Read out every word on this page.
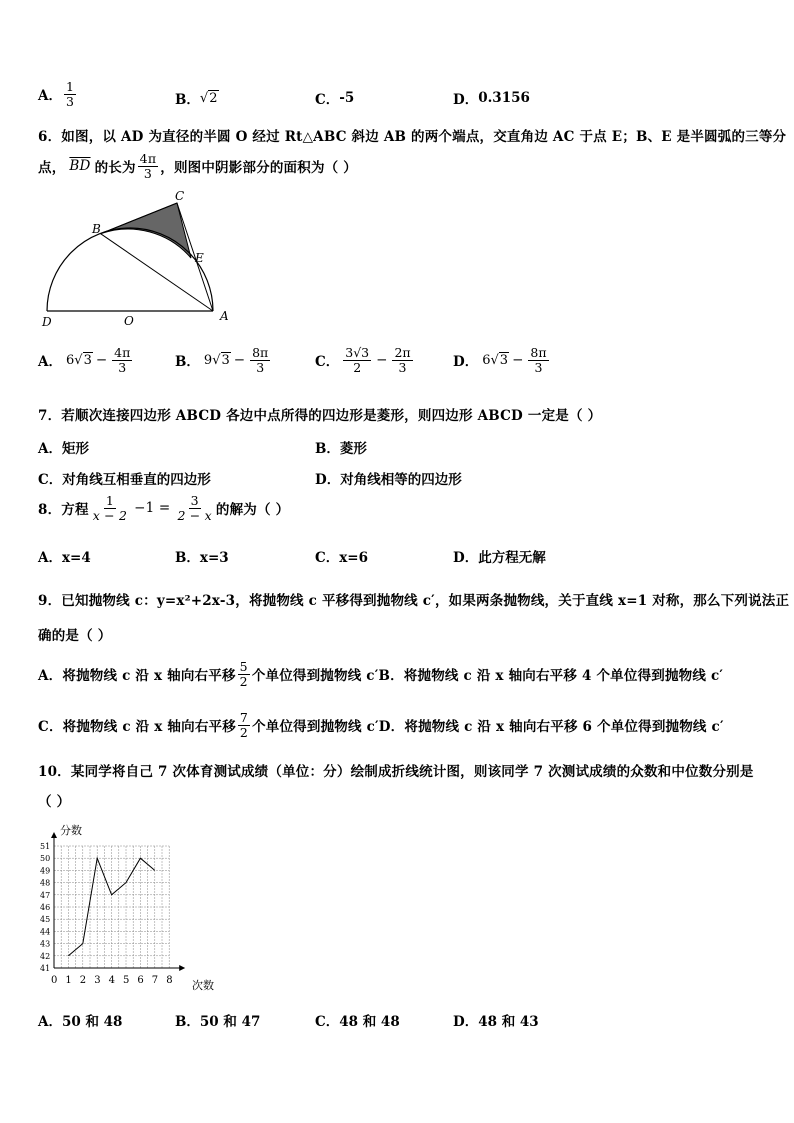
A． $\frac{1}{3}$	B． √2	C． -5	D． 0.3156
6．如图，以 AD 为直径的半圆 O 经过 Rt△ABC 斜边 AB 的两个端点，交直角边 AC 于点 E；B、E 是半圆弧的三等分
点， $\overline{BD}$ 的长为 $\frac{4\pi}{3}$ ，则图中阴影部分的面积为（ ）
B
C
E
D	O	A
A． $6√3 - \frac{4\pi}{3}$	B． $9√3 - \frac{8\pi}{3}$	C． $\frac{3√3}{2} - \frac{2\pi}{3}$	D． $6√3 - \frac{8\pi}{3}$
7．若顺次连接四边形 ABCD 各边中点所得的四边形是菱形，则四边形 ABCD 一定是（ ）
A．矩形	B．菱形
C．对角线互相垂直的四边形	D．对角线相等的四边形
8．方程 $\frac{1}{x - 2} -1 = \frac{3}{2 - x}$ 的解为（ ）
A．x=4	B．x=3	C．x=6	D．此方程无解
9．已知抛物线 c：y=x²+2x-3，将抛物线 c 平移得到抛物线 c′，如果两条抛物线，关于直线 x=1 对称，那么下列说法正
确的是（ ）
A．将抛物线 c 沿 x 轴向右平移 $\frac{5}{2}$ 个单位得到抛物线 c′ B．将抛物线 c 沿 x 轴向右平移 4 个单位得到抛物线 c′
C．将抛物线 c 沿 x 轴向右平移 $\frac{7}{2}$ 个单位得到抛物线 c′ D．将抛物线 c 沿 x 轴向右平移 6 个单位得到抛物线 c′
10．某同学将自己 7 次体育测试成绩（单位：分）绘制成折线统计图，则该同学 7 次测试成绩的众数和中位数分别是
（ ）
0 1 2 3 4 5 6 7 8
41
42
43
44
45
46
47
48
49
50
51
分数
次数
A．50 和 48	B．50 和 47	C．48 和 48	D．48 和 43
